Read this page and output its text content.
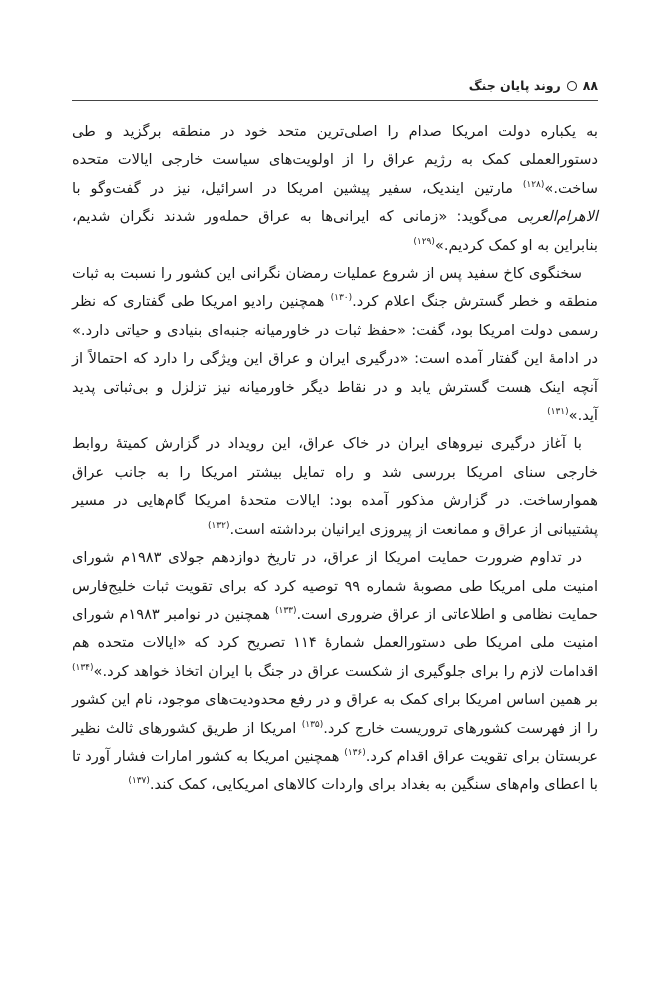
۸۸
روند پایان جنگ

به یکباره دولت امریکا صدام را اصلی‌ترین متحد خود در منطقه برگزید و طی دستورالعملی کمک به رژیم عراق را از اولویت‌های سیاست خارجی ایالات متحده ساخت.»$^{(۱۲۸)}$ مارتین ایندیک، سفیر پیشین امریکا در اسرائیل، نیز در گفت‌وگو با الاهرام‌العربی می‌گوید: «زمانی که ایرانی‌ها به عراق حمله‌ور شدند نگران شدیم، بنابراین به او کمک کردیم.»$^{(۱۲۹)}$

سخنگوی کاخ سفید پس از شروع عملیات رمضان نگرانی این کشور را نسبت به ثبات منطقه و خطر گسترش جنگ اعلام کرد.$^{(۱۳۰)}$ همچنین رادیو امریکا طی گفتاری که نظر رسمی دولت امریکا بود، گفت: «حفظ ثبات در خاورمیانه جنبه‌ای بنیادی و حیاتی دارد.» در ادامهٔ این گفتار آمده است: «درگیری ایران و عراق این ویژگی را دارد که احتمالاً از آنچه اینک هست گسترش یابد و در نقاط دیگر خاورمیانه نیز تزلزل و بی‌ثباتی پدید آید.»$^{(۱۳۱)}$

با آغاز درگیری نیروهای ایران در خاک عراق، این رویداد در گزارش کمیتهٔ روابط خارجی سنای امریکا بررسی شد و راه تمایل بیشتر امریکا را به جانب عراق هموارساخت. در گزارش مذکور آمده بود: ایالات متحدهٔ امریکا گام‌هایی در مسیر پشتیبانی از عراق و ممانعت از پیروزی ایرانیان برداشته است.$^{(۱۳۲)}$

در تداوم ضرورت حمایت امریکا از عراق، در تاریخ دوازدهم جولای ۱۹۸۳م شورای امنیت ملی امریکا طی مصوبهٔ شماره ۹۹ توصیه کرد که برای تقویت ثبات خلیج‌فارس حمایت نظامی و اطلاعاتی از عراق ضروری است.$^{(۱۳۳)}$ همچنین در نوامبر ۱۹۸۳م شورای امنیت ملی امریکا طی دستورالعمل شمارهٔ ۱۱۴ تصریح کرد که «ایالات متحده هم اقدامات لازم را برای جلوگیری از شکست عراق در جنگ با ایران اتخاذ خواهد کرد.»$^{(۱۳۴)}$ بر همین اساس امریکا برای کمک به عراق و در رفع محدودیت‌های موجود، نام این کشور را از فهرست کشورهای تروریست خارج کرد.$^{(۱۳۵)}$ امریکا از طریق کشورهای ثالث نظیر عربستان برای تقویت عراق اقدام کرد.$^{(۱۳۶)}$ همچنین امریکا به کشور امارات فشار آورد تا با اعطای وام‌های سنگین به بغداد برای واردات کالاهای امریکایی، کمک کند.$^{(۱۳۷)}$
